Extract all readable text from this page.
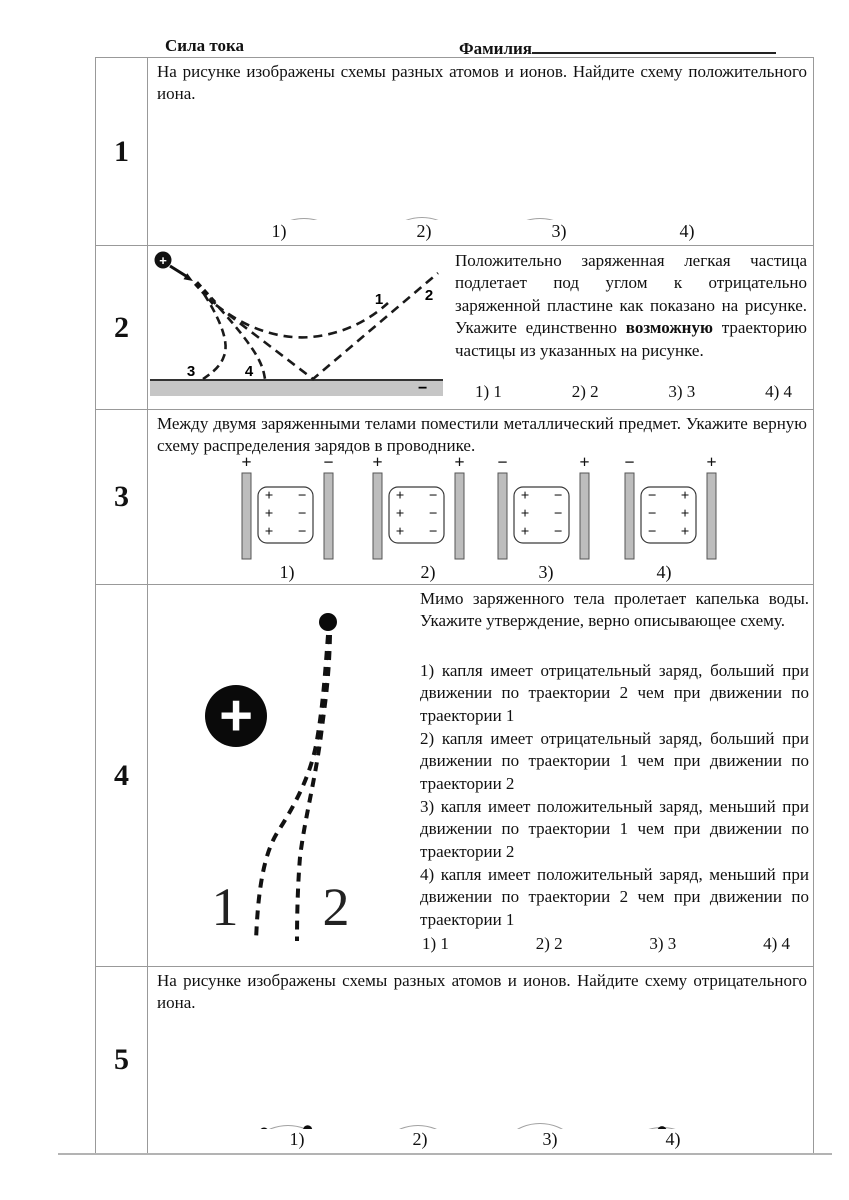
Сила тока	Фамилия
1
На рисунке изображены схемы разных атомов и ионов. Найдите схему положительного иона.
1)	2)	3)	4)
2
−
+
1	2
3	4
Положительно заряженная легкая частица подлетает под углом к отрицательно заряженной пластине как показано на рисунке. Укажите единственно возможную траекторию частицы из указанных на рисунке.
1) 1	2) 2	3) 3	4) 4
3
Между двумя заряженными телами поместили металлический предмет. Укажите верную схему распределения зарядов в проводнике.
+
+ −
+ −
+ −
− +
+ −
+ −
+ −
+ −
+ −
+ −
+ −
+ −
− +
− +
− +
+
1)	2)	3)	4)
4
+
1 2
Мимо заряженного тела пролетает капелька воды. Укажите утверждение, верно описывающее схему.
1) капля имеет отрицательный заряд, больший при движении по траектории 2 чем при движении по траектории 1
2) капля имеет отрицательный заряд, больший при движении по траектории 1 чем при движении по траектории 2
3) капля имеет положительный заряд, меньший при движении по траектории 1 чем при движении по траектории 2
4) капля имеет положительный заряд, меньший при движении по траектории 2 чем при движении по траектории 1
1) 1	2) 2	3) 3	4) 4
5
На рисунке изображены схемы разных атомов и ионов. Найдите схему отрицательного иона.
1)	2)	3)	4)
